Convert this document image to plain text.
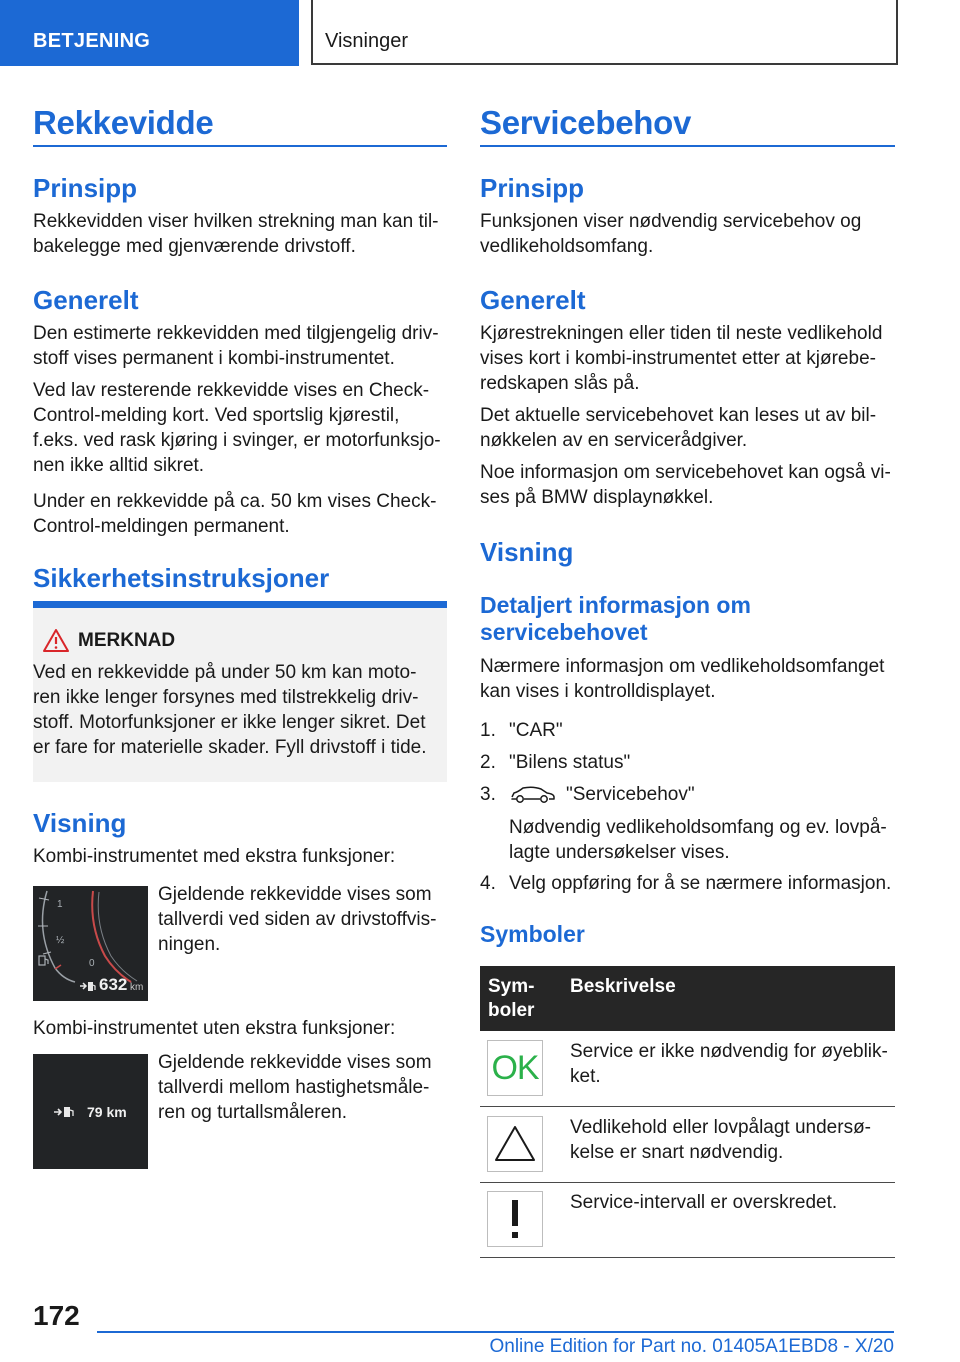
BETJENING	Visninger
Rekkevidde
Prinsipp
Rekkevidden viser hvilken strekning man kan til-
bakelegge med gjenværende drivstoff.
Generelt
Den estimerte rekkevidden med tilgjengelig driv-
stoff vises permanent i kombi-instrumentet.
Ved lav resterende rekkevidde vises en Check-
Control-melding kort. Ved sportslig kjørestil,
f.eks. ved rask kjøring i svinger, er motorfunksjo-
nen ikke alltid sikret.
Under en rekkevidde på ca. 50 km vises Check-
Control-meldingen permanent.
Sikkerhetsinstruksjoner
MERKNAD
Ved en rekkevidde på under 50 km kan moto-
ren ikke lenger forsynes med tilstrekkelig driv-
stoff. Motorfunksjoner er ikke lenger sikret. Det
er fare for materielle skader. Fyll drivstoff i tide.
Visning
Kombi-instrumentet med ekstra funksjoner:
1
½
0
632 km
Gjeldende rekkevidde vises som
tallverdi ved siden av drivstoffvis-
ningen.
Kombi-instrumentet uten ekstra funksjoner:
79 km
Gjeldende rekkevidde vises som
tallverdi mellom hastighetsmåle-
ren og turtallsmåleren.
Servicebehov
Prinsipp
Funksjonen viser nødvendig servicebehov og
vedlikeholdsomfang.
Generelt
Kjørestrekningen eller tiden til neste vedlikehold
vises kort i kombi-instrumentet etter at kjørebe-
redskapen slås på.
Det aktuelle servicebehovet kan leses ut av bil-
nøkkelen av en servicerådgiver.
Noe informasjon om servicebehovet kan også vi-
ses på BMW displaynøkkel.
Visning
Detaljert informasjon om
servicebehovet
Nærmere informasjon om vedlikeholdsomfanget
kan vises i kontrolldisplayet.
1. "CAR"
2. "Bilens status"
3.	"Servicebehov"
Nødvendig vedlikeholdsomfang og ev. lovpå-
lagte undersøkelser vises.
4. Velg oppføring for å se nærmere informasjon.
Symboler
Sym-
boler
Beskrivelse
OK Service er ikke nødvendig for øyeblik-
ket.
Vedlikehold eller lovpålagt undersø-
kelse er snart nødvendig.
Service-intervall er overskredet.
172
Online Edition for Part no. 01405A1EBD8 - X/20
